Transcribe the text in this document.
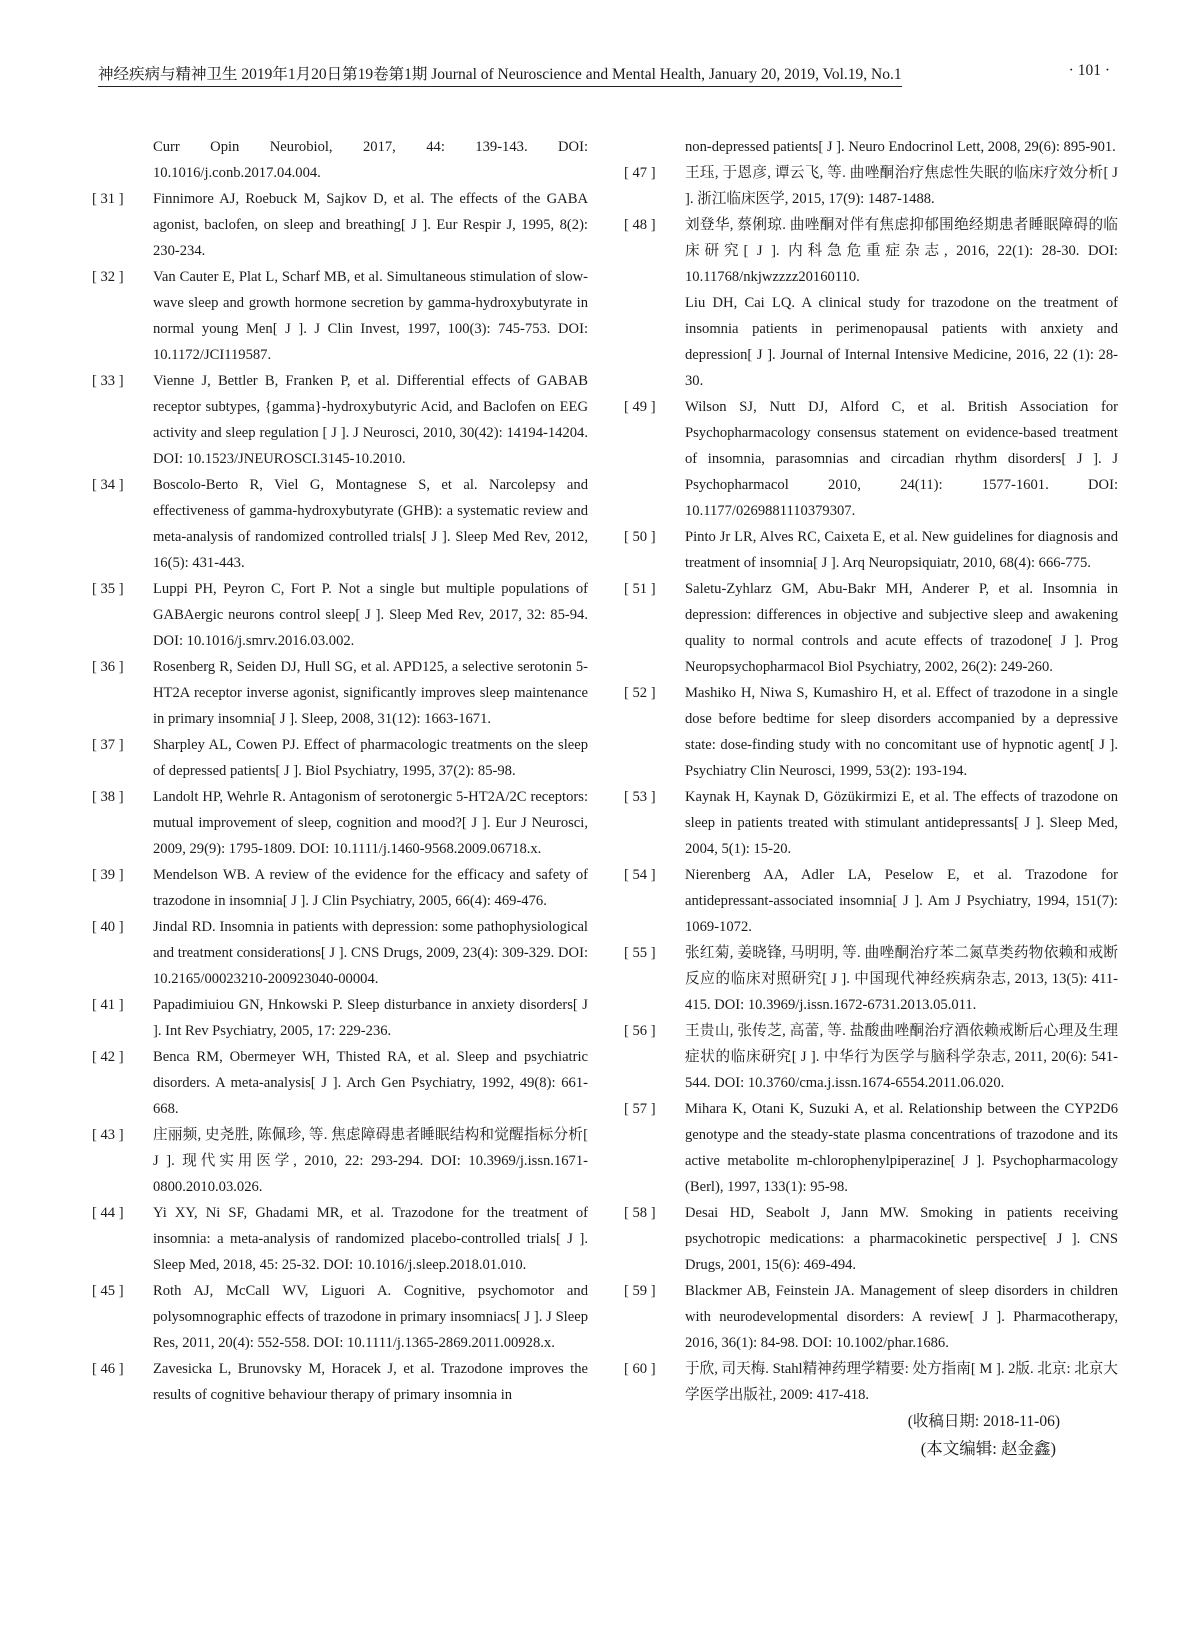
神经疾病与精神卫生 2019年1月20日第19卷第1期 Journal of Neuroscience and Mental Health, January 20, 2019, Vol.19, No.1	· 101 ·
Curr Opin Neurobiol, 2017, 44: 139-143. DOI: 10.1016/j.conb.2017.04.004.
[ 31 ]	Finnimore AJ, Roebuck M, Sajkov D, et al. The effects of the GABA agonist, baclofen, on sleep and breathing[ J ]. Eur Respir J, 1995, 8(2): 230-234.
[ 32 ]	Van Cauter E, Plat L, Scharf MB, et al. Simultaneous stimulation of slow-wave sleep and growth hormone secretion by gamma-hydroxybutyrate in normal young Men[ J ]. J Clin Invest, 1997, 100(3): 745-753. DOI: 10.1172/JCI119587.
[ 33 ]	Vienne J, Bettler B, Franken P, et al. Differential effects of GABAB receptor subtypes, {gamma}-hydroxybutyric Acid, and Baclofen on EEG activity and sleep regulation [ J ]. J Neurosci, 2010, 30(42): 14194-14204. DOI: 10.1523/JNEUROSCI.3145-10.2010.
[ 34 ]	Boscolo-Berto R, Viel G, Montagnese S, et al. Narcolepsy and effectiveness of gamma-hydroxybutyrate (GHB): a systematic review and meta-analysis of randomized controlled trials[ J ]. Sleep Med Rev, 2012, 16(5): 431-443.
[ 35 ]	Luppi PH, Peyron C, Fort P. Not a single but multiple populations of GABAergic neurons control sleep[ J ]. Sleep Med Rev, 2017, 32: 85-94. DOI: 10.1016/j.smrv.2016.03.002.
[ 36 ]	Rosenberg R, Seiden DJ, Hull SG, et al. APD125, a selective serotonin 5-HT2A receptor inverse agonist, significantly improves sleep maintenance in primary insomnia[ J ]. Sleep, 2008, 31(12): 1663-1671.
[ 37 ]	Sharpley AL, Cowen PJ. Effect of pharmacologic treatments on the sleep of depressed patients[ J ]. Biol Psychiatry, 1995, 37(2): 85-98.
[ 38 ]	Landolt HP, Wehrle R. Antagonism of serotonergic 5-HT2A/2C receptors: mutual improvement of sleep, cognition and mood?[ J ]. Eur J Neurosci, 2009, 29(9): 1795-1809. DOI: 10.1111/j.1460-9568.2009.06718.x.
[ 39 ]	Mendelson WB. A review of the evidence for the efficacy and safety of trazodone in insomnia[ J ]. J Clin Psychiatry, 2005, 66(4): 469-476.
[ 40 ]	Jindal RD. Insomnia in patients with depression: some pathophysiological and treatment considerations[ J ]. CNS Drugs, 2009, 23(4): 309-329. DOI: 10.2165/00023210-200923040-00004.
[ 41 ]	Papadimiuiou GN, Hnkowski P. Sleep disturbance in anxiety disorders[ J ]. Int Rev Psychiatry, 2005, 17: 229-236.
[ 42 ]	Benca RM, Obermeyer WH, Thisted RA, et al. Sleep and psychiatric disorders. A meta-analysis[ J ]. Arch Gen Psychiatry, 1992, 49(8): 661-668.
[ 43 ]	庄丽频, 史尧胜, 陈佩珍, 等. 焦虑障碍患者睡眠结构和觉醒指标分析[ J ]. 现代实用医学, 2010, 22: 293-294. DOI: 10.3969/j.issn.1671-0800.2010.03.026.
[ 44 ]	Yi XY, Ni SF, Ghadami MR, et al. Trazodone for the treatment of insomnia: a meta-analysis of randomized placebo-controlled trials[ J ]. Sleep Med, 2018, 45: 25-32. DOI: 10.1016/j.sleep.2018.01.010.
[ 45 ]	Roth AJ, McCall WV, Liguori A. Cognitive, psychomotor and polysomnographic effects of trazodone in primary insomniacs[ J ]. J Sleep Res, 2011, 20(4): 552-558. DOI: 10.1111/j.1365-2869.2011.00928.x.
[ 46 ]	Zavesicka L, Brunovsky M, Horacek J, et al. Trazodone improves the results of cognitive behaviour therapy of primary insomnia in
non-depressed patients[ J ]. Neuro Endocrinol Lett, 2008, 29(6): 895-901.
[ 47 ]	王珏, 于恩彦, 谭云飞, 等. 曲唑酮治疗焦虑性失眠的临床疗效分析[ J ]. 浙江临床医学, 2015, 17(9): 1487-1488.
[ 48 ]	刘登华, 蔡俐琼. 曲唑酮对伴有焦虑抑郁围绝经期患者睡眠障碍的临床研究[ J ]. 内科急危重症杂志, 2016, 22(1): 28-30. DOI: 10.11768/nkjwzzzz20160110.
Liu DH, Cai LQ. A clinical study for trazodone on the treatment of insomnia patients in perimenopausal patients with anxiety and depression[ J ]. Journal of Internal Intensive Medicine, 2016, 22 (1): 28-30.
[ 49 ]	Wilson SJ, Nutt DJ, Alford C, et al. British Association for Psychopharmacology consensus statement on evidence-based treatment of insomnia, parasomnias and circadian rhythm disorders[ J ]. J Psychopharmacol 2010, 24(11): 1577-1601. DOI: 10.1177/0269881110379307.
[ 50 ]	Pinto Jr LR, Alves RC, Caixeta E, et al. New guidelines for diagnosis and treatment of insomnia[ J ]. Arq Neuropsiquiatr, 2010, 68(4): 666-775.
[ 51 ]	Saletu-Zyhlarz GM, Abu-Bakr MH, Anderer P, et al. Insomnia in depression: differences in objective and subjective sleep and awakening quality to normal controls and acute effects of trazodone[ J ]. Prog Neuropsychopharmacol Biol Psychiatry, 2002, 26(2): 249-260.
[ 52 ]	Mashiko H, Niwa S, Kumashiro H, et al. Effect of trazodone in a single dose before bedtime for sleep disorders accompanied by a depressive state: dose-finding study with no concomitant use of hypnotic agent[ J ]. Psychiatry Clin Neurosci, 1999, 53(2): 193-194.
[ 53 ]	Kaynak H, Kaynak D, Gözükirmizi E, et al. The effects of trazodone on sleep in patients treated with stimulant antidepressants[ J ]. Sleep Med, 2004, 5(1): 15-20.
[ 54 ]	Nierenberg AA, Adler LA, Peselow E, et al. Trazodone for antidepressant-associated insomnia[ J ]. Am J Psychiatry, 1994, 151(7): 1069-1072.
[ 55 ]	张红菊, 姜晓锋, 马明明, 等. 曲唑酮治疗苯二氮草类药物依赖和戒断反应的临床对照研究[ J ]. 中国现代神经疾病杂志, 2013, 13(5): 411-415. DOI: 10.3969/j.issn.1672-6731.2013.05.011.
[ 56 ]	王贵山, 张传芝, 高蕾, 等. 盐酸曲唑酮治疗酒依赖戒断后心理及生理症状的临床研究[ J ]. 中华行为医学与脑科学杂志, 2011, 20(6): 541-544. DOI: 10.3760/cma.j.issn.1674-6554.2011.06.020.
[ 57 ]	Mihara K, Otani K, Suzuki A, et al. Relationship between the CYP2D6 genotype and the steady-state plasma concentrations of trazodone and its active metabolite m-chlorophenylpiperazine[ J ]. Psychopharmacology (Berl), 1997, 133(1): 95-98.
[ 58 ]	Desai HD, Seabolt J, Jann MW. Smoking in patients receiving psychotropic medications: a pharmacokinetic perspective[ J ]. CNS Drugs, 2001, 15(6): 469-494.
[ 59 ]	Blackmer AB, Feinstein JA. Management of sleep disorders in children with neurodevelopmental disorders: A review[ J ]. Pharmacotherapy, 2016, 36(1): 84-98. DOI: 10.1002/phar.1686.
[ 60 ]	于欣, 司天梅. Stahl精神药理学精要: 处方指南[ M ]. 2版. 北京: 北京大学医学出版社, 2009: 417-418.
(收稿日期: 2018-11-06)
(本文编辑: 赵金鑫)
